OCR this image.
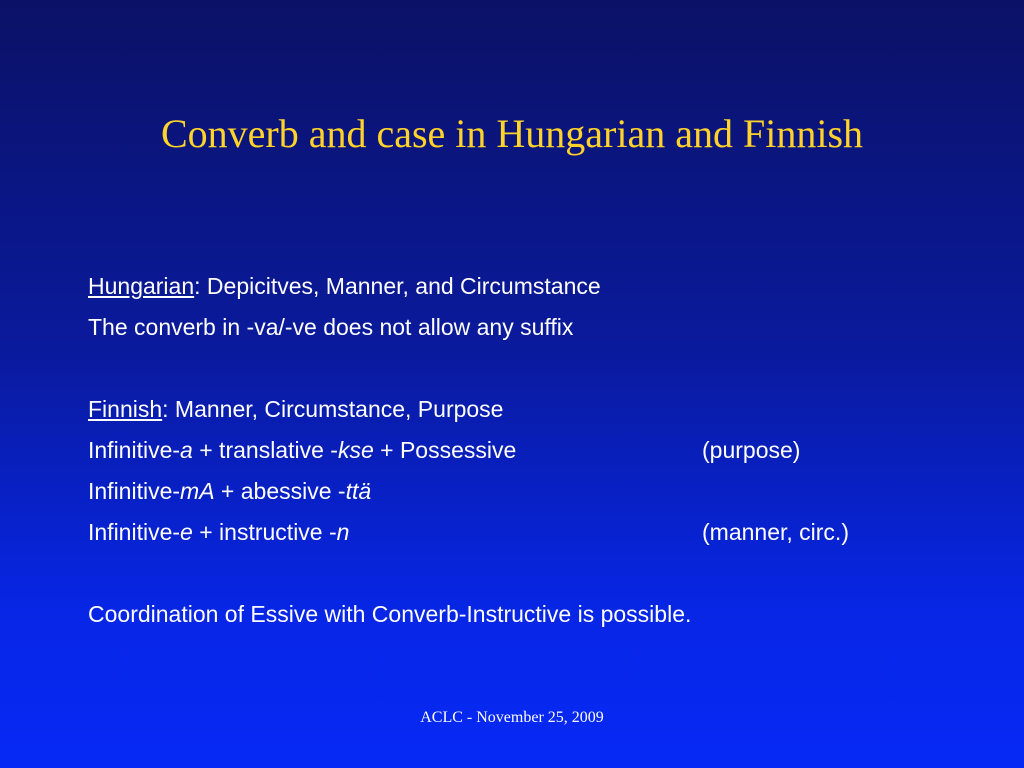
Converb and case in Hungarian and Finnish
Hungarian: Depicitves, Manner, and Circumstance
The converb in -va/-ve does not allow any suffix
Finnish: Manner, Circumstance, Purpose
Infinitive-a + translative -kse + Possessive	(purpose)
Infinitive-mA + abessive -ttä
Infinitive-e + instructive -n	(manner, circ.)
Coordination of Essive with Converb-Instructive is possible.
ACLC - November 25, 2009
